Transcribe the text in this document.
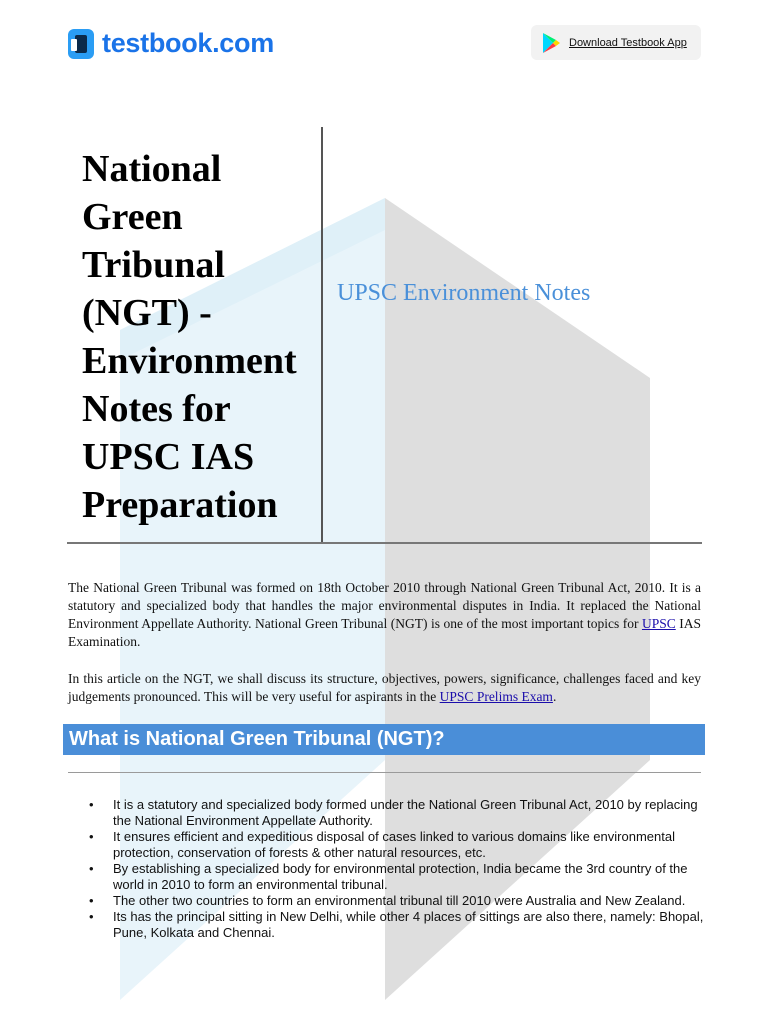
testbook.com	Download Testbook App
National Green Tribunal (NGT) - Environment Notes for UPSC IAS Preparation
UPSC Environment Notes

The National Green Tribunal was formed on 18th October 2010 through National Green Tribunal Act, 2010. It is a statutory and specialized body that handles the major environmental disputes in India. It replaced the National Environment Appellate Authority. National Green Tribunal (NGT) is one of the most important topics for UPSC IAS Examination.

In this article on the NGT, we shall discuss its structure, objectives, powers, significance, challenges faced and key judgements pronounced. This will be very useful for aspirants in the UPSC Prelims Exam.

What is National Green Tribunal (NGT)?
• It is a statutory and specialized body formed under the National Green Tribunal Act, 2010 by replacing the National Environment Appellate Authority.
• It ensures efficient and expeditious disposal of cases linked to various domains like environmental protection, conservation of forests & other natural resources, etc.
• By establishing a specialized body for environmental protection, India became the 3rd country of the world in 2010 to form an environmental tribunal.
• The other two countries to form an environmental tribunal till 2010 were Australia and New Zealand.
• Its has the principal sitting in New Delhi, while other 4 places of sittings are also there, namely: Bhopal, Pune, Kolkata and Chennai.
